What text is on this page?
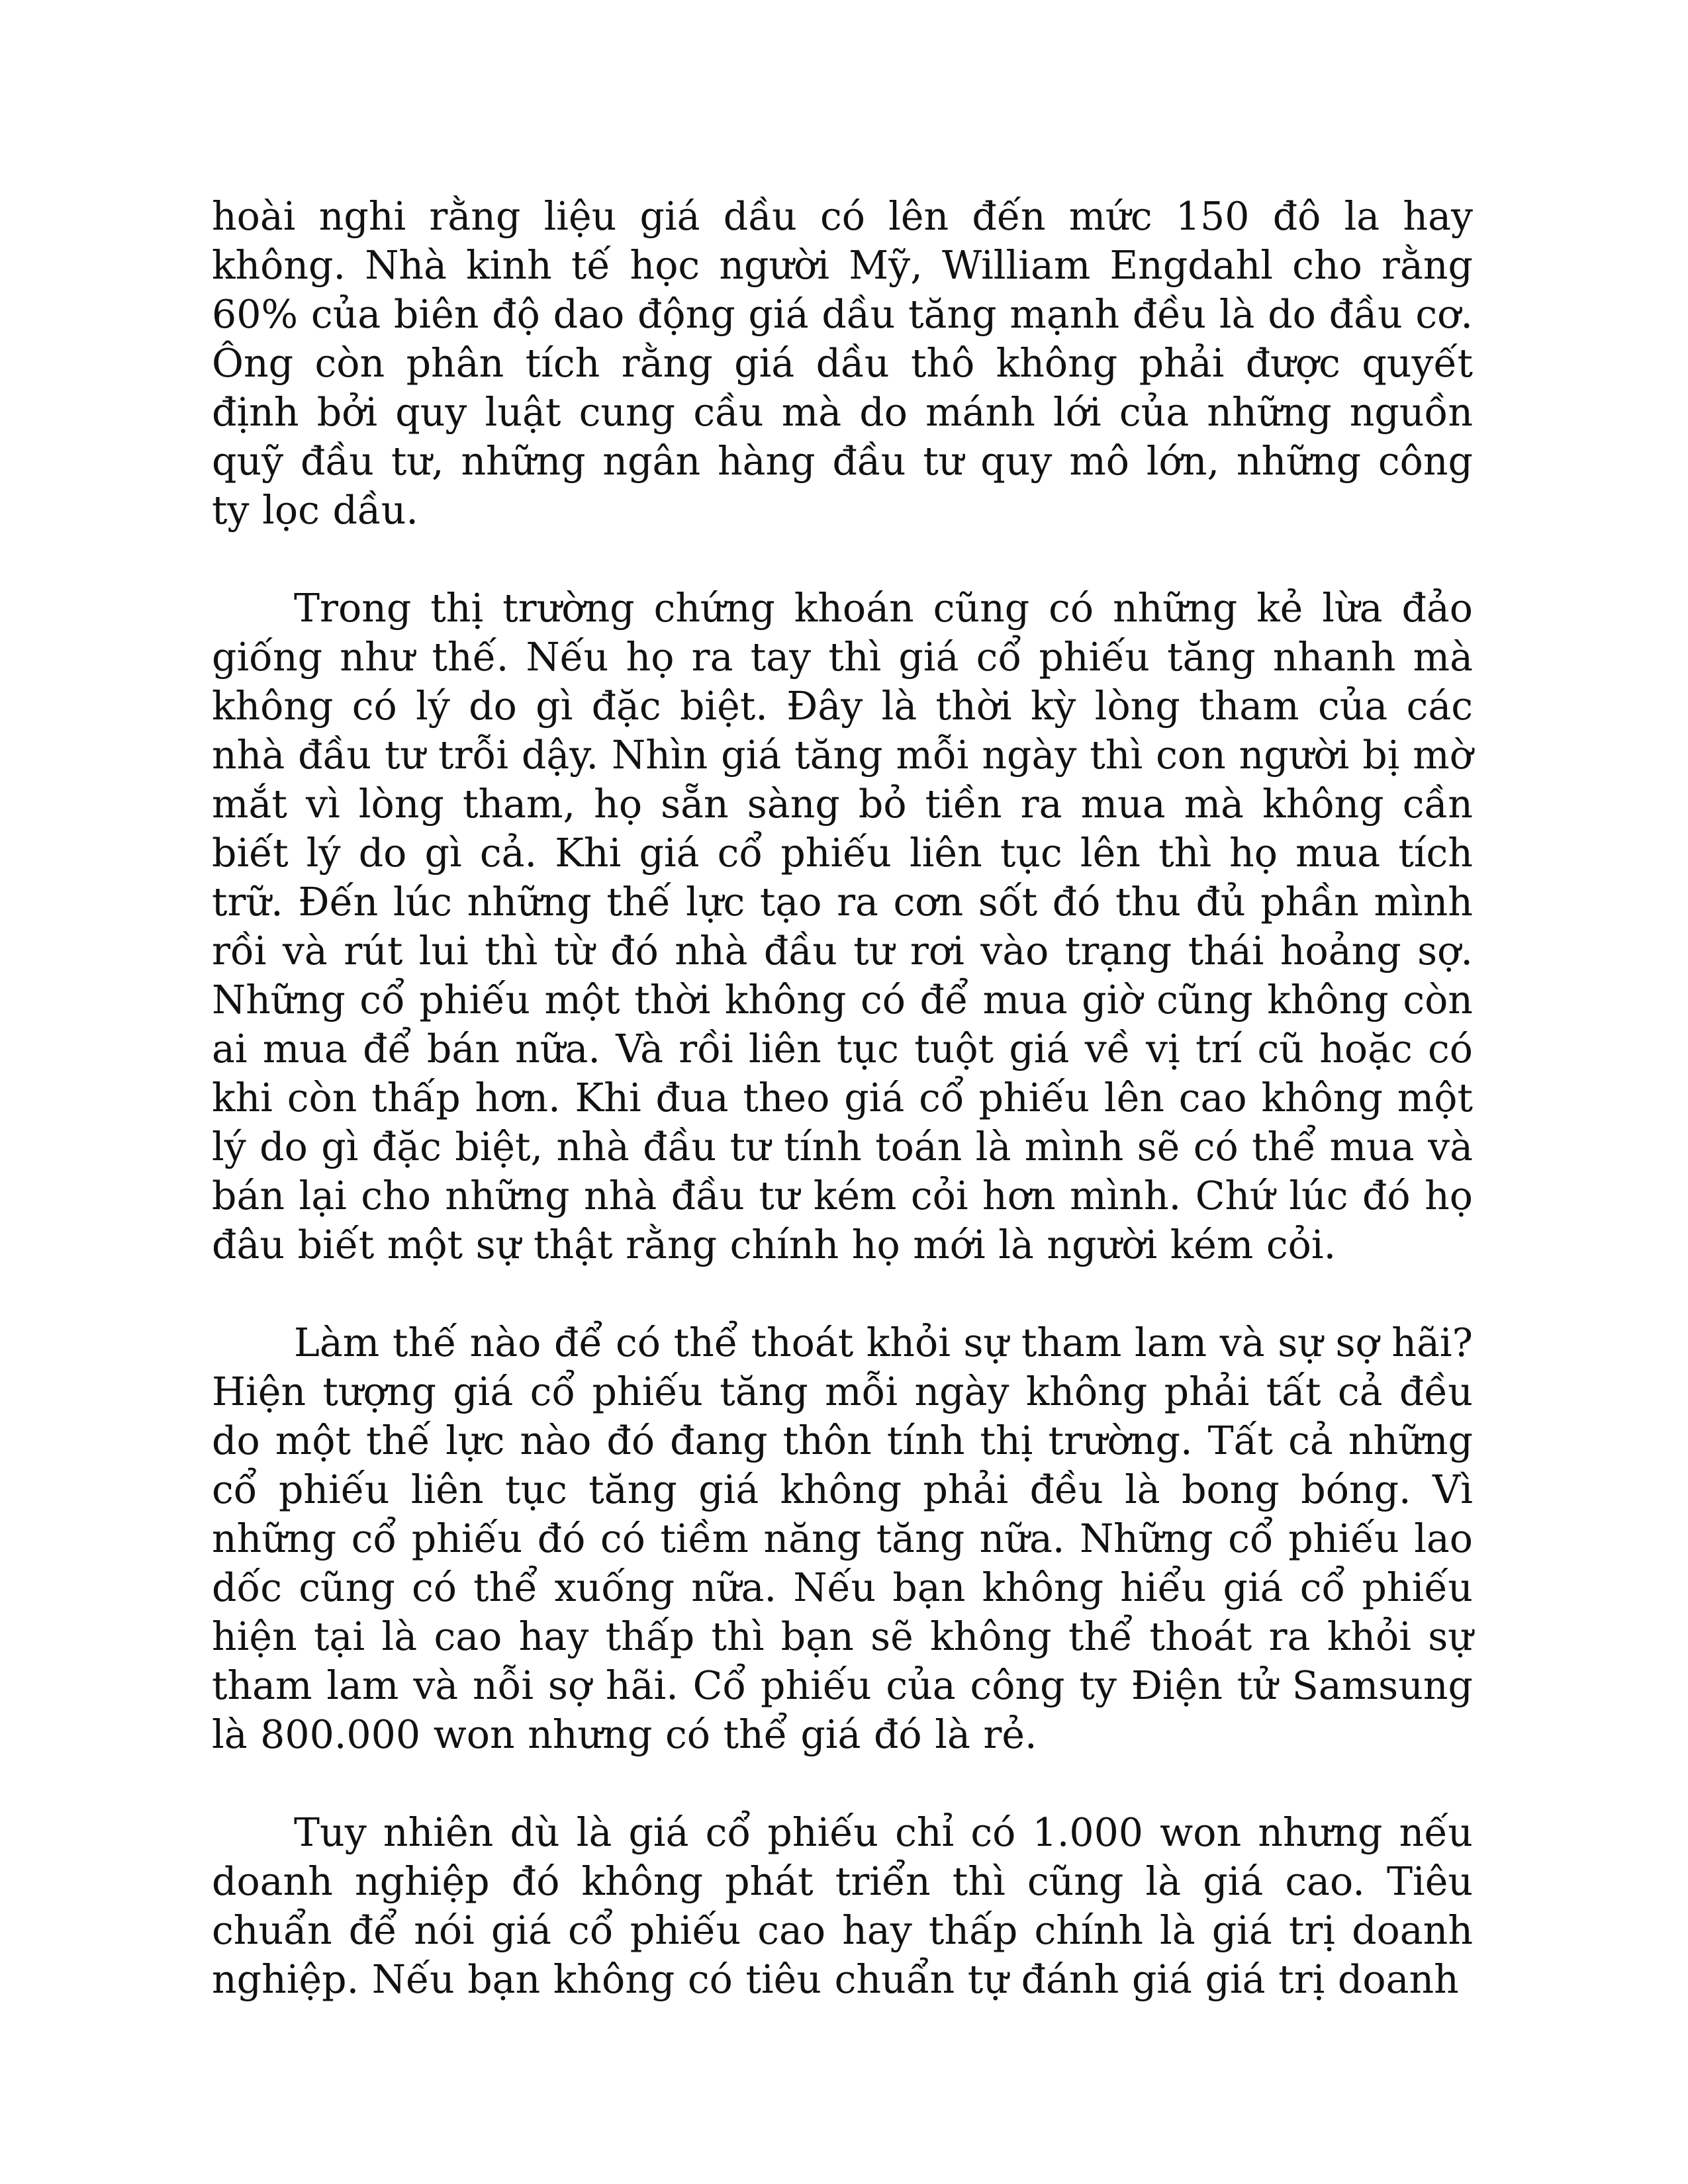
hoài nghi rằng liệu giá dầu có lên đến mức 150 đô la hay không. Nhà kinh tế học người Mỹ, William Engdahl cho rằng 60% của biên độ dao động giá dầu tăng mạnh đều là do đầu cơ. Ông còn phân tích rằng giá dầu thô không phải được quyết định bởi quy luật cung cầu mà do mánh lới của những nguồn quỹ đầu tư, những ngân hàng đầu tư quy mô lớn, những công ty lọc dầu.

Trong thị trường chứng khoán cũng có những kẻ lừa đảo giống như thế. Nếu họ ra tay thì giá cổ phiếu tăng nhanh mà không có lý do gì đặc biệt. Đây là thời kỳ lòng tham của các nhà đầu tư trỗi dậy. Nhìn giá tăng mỗi ngày thì con người bị mờ mắt vì lòng tham, họ sẵn sàng bỏ tiền ra mua mà không cần biết lý do gì cả. Khi giá cổ phiếu liên tục lên thì họ mua tích trữ. Đến lúc những thế lực tạo ra cơn sốt đó thu đủ phần mình rồi và rút lui thì từ đó nhà đầu tư rơi vào trạng thái hoảng sợ. Những cổ phiếu một thời không có để mua giờ cũng không còn ai mua để bán nữa. Và rồi liên tục tuột giá về vị trí cũ hoặc có khi còn thấp hơn. Khi đua theo giá cổ phiếu lên cao không một lý do gì đặc biệt, nhà đầu tư tính toán là mình sẽ có thể mua và bán lại cho những nhà đầu tư kém cỏi hơn mình. Chứ lúc đó họ đâu biết một sự thật rằng chính họ mới là người kém cỏi.

Làm thế nào để có thể thoát khỏi sự tham lam và sự sợ hãi? Hiện tượng giá cổ phiếu tăng mỗi ngày không phải tất cả đều do một thế lực nào đó đang thôn tính thị trường. Tất cả những cổ phiếu liên tục tăng giá không phải đều là bong bóng. Vì những cổ phiếu đó có tiềm năng tăng nữa. Những cổ phiếu lao dốc cũng có thể xuống nữa. Nếu bạn không hiểu giá cổ phiếu hiện tại là cao hay thấp thì bạn sẽ không thể thoát ra khỏi sự tham lam và nỗi sợ hãi. Cổ phiếu của công ty Điện tử Samsung là 800.000 won nhưng có thể giá đó là rẻ.

Tuy nhiên dù là giá cổ phiếu chỉ có 1.000 won nhưng nếu doanh nghiệp đó không phát triển thì cũng là giá cao. Tiêu chuẩn để nói giá cổ phiếu cao hay thấp chính là giá trị doanh nghiệp. Nếu bạn không có tiêu chuẩn tự đánh giá giá trị doanh
